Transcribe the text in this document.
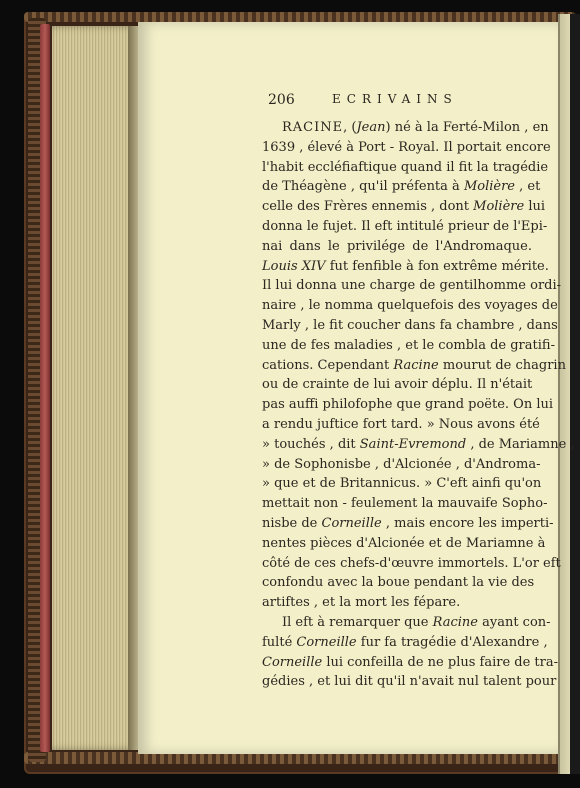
206	ECRIVAINS
RACINE, (Jean) né à la Ferté-Milon , en
1639 , élevé à Port - Royal. Il portait encore
l'habit eccléfiaftique quand il fit la tragédie
de Théagène , qu'il préfenta à Molière , et
celle des Frères ennemis , dont Molière lui
donna le fujet. Il eft intitulé prieur de l'Epi-
nai dans le privilége de l'Andromaque.
Louis XIV fut fenfible à fon extrême mérite.
Il lui donna une charge de gentilhomme ordi-
naire , le nomma quelquefois des voyages de
Marly , le fit coucher dans fa chambre , dans
une de fes maladies , et le combla de gratifi-
cations. Cependant Racine mourut de chagrin
ou de crainte de lui avoir déplu. Il n'était
pas auffi philofophe que grand poëte. On lui
a rendu juftice fort tard. » Nous avons été
» touchés , dit Saint-Evremond , de Mariamne ,
» de Sophonisbe , d'Alcionée , d'Androma-
» que et de Britannicus. » C'eft ainfi qu'on
mettait non - feulement la mauvaife Sopho-
nisbe de Corneille , mais encore les imperti-
nentes pièces d'Alcionée et de Mariamne à
côté de ces chefs-d'œuvre immortels. L'or eft
confondu avec la boue pendant la vie des
artiftes , et la mort les fépare.
Il eft à remarquer que Racine ayant con-
fulté Corneille fur fa tragédie d'Alexandre ,
Corneille lui confeilla de ne plus faire de tra-
gédies , et lui dit qu'il n'avait nul talent pour
